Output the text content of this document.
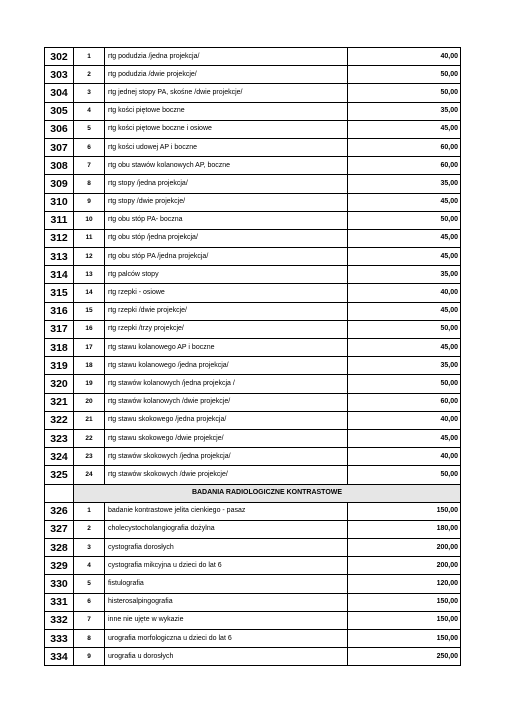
302	1	rtg podudzia /jedna projekcja/	40,00
303	2	rtg podudzia /dwie projekcje/	50,00
304	3	rtg jednej stopy PA, skośne /dwie projekcje/	50,00
305	4	rtg kości piętowe boczne	35,00
306	5	rtg kości piętowe boczne i osiowe	45,00
307	6	rtg kości udowej AP i boczne	60,00
308	7	rtg obu stawów kolanowych AP, boczne	60,00
309	8	rtg stopy /jedna projekcja/	35,00
310	9	rtg stopy /dwie projekcje/	45,00
311	10	rtg obu stóp PA- boczna	50,00
312	11	rtg obu stóp /jedna projekcja/	45,00
313	12	rtg obu stóp PA /jedna projekcja/	45,00
314	13	rtg palców stopy	35,00
315	14	rtg rzepki - osiowe	40,00
316	15	rtg rzepki /dwie projekcje/	45,00
317	16	rtg rzepki /trzy projekcje/	50,00
318	17	rtg stawu kolanowego AP i boczne	45,00
319	18	rtg stawu kolanowego /jedna projekcja/	35,00
320	19	rtg stawów kolanowych /jedna projekcja /	50,00
321	20	rtg stawów kolanowych /dwie projekcje/	60,00
322	21	rtg stawu skokowego /jedna projekcja/	40,00
323	22	rtg stawu skokowego /dwie projekcje/	45,00
324	23	rtg stawów skokowych /jedna projekcja/	40,00
325	24	rtg stawów skokowych /dwie projekcje/	50,00
	BADANIA RADIOLOGICZNE KONTRASTOWE		
326	1	badanie kontrastowe jelita cienkiego - pasaz	150,00
327	2	cholecystocholangiografia dożylna	180,00
328	3	cystografia dorosłych	200,00
329	4	cystografia mikcyjna u dzieci do lat 6	200,00
330	5	fistulografia	120,00
331	6	histerosalpingografia	150,00
332	7	inne nie ujęte w wykazie	150,00
333	8	urografia morfologiczna u dzieci do lat 6	150,00
334	9	urografia u dorosłych	250,00
